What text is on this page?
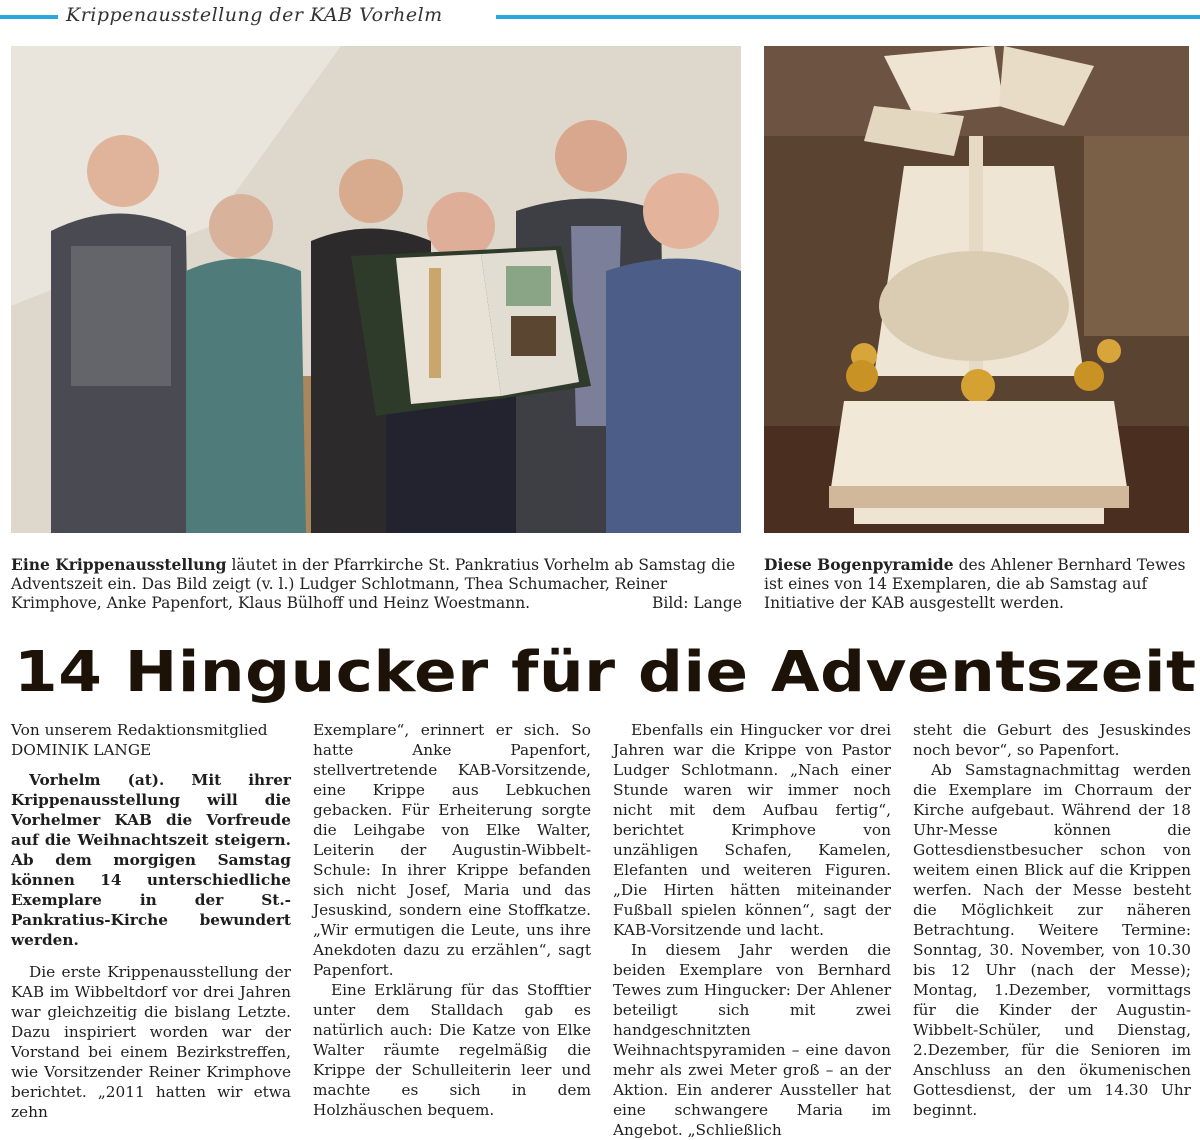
Krippenausstellung der KAB Vorhelm
Eine Krippenausstellung läutet in der Pfarrkirche St. Pankratius Vorhelm ab Samstag die Adventszeit ein. Das Bild zeigt (v. l.) Ludger Schlotmann, Thea Schumacher, Reiner Krimphove, Anke Papenfort, Klaus Bülhoff und Heinz Woestmann.	Bild: Lange
Diese Bogenpyramide des Ahlener Bernhard Tewes ist eines von 14 Exemplaren, die ab Samstag auf Initiative der KAB ausgestellt werden.
14 Hingucker für die Adventszeit

Von unserem Redaktionsmitglied

DOMINIK LANGE

Vorhelm (at). Mit ihrer Krippenausstellung will die Vorhelmer KAB die Vorfreude auf die Weihnachtszeit steigern. Ab dem morgigen Samstag können 14 unterschiedliche Exemplare in der St.-Pankratius-Kirche bewundert werden.

Die erste Krippenausstellung der KAB im Wibbeltdorf vor drei Jahren war gleichzeitig die bislang Letzte. Dazu inspiriert worden war der Vorstand bei einem Bezirkstreffen, wie Vorsitzender Reiner Krimphove berichtet. „2011 hatten wir etwa zehn

Exemplare“, erinnert er sich. So hatte Anke Papenfort, stellvertretende KAB-Vorsitzende, eine Krippe aus Lebkuchen gebacken. Für Erheiterung sorgte die Leihgabe von Elke Walter, Leiterin der Augustin-Wibbelt-Schule: In ihrer Krippe befanden sich nicht Josef, Maria und das Jesuskind, sondern eine Stoffkatze. „Wir ermutigen die Leute, uns ihre Anekdoten dazu zu erzählen“, sagt Papenfort.

Eine Erklärung für das Stofftier unter dem Stalldach gab es natürlich auch: Die Katze von Elke Walter räumte regelmäßig die Krippe der Schulleiterin leer und machte es sich in dem Holzhäuschen bequem.

Ebenfalls ein Hingucker vor drei Jahren war die Krippe von Pastor Ludger Schlotmann. „Nach einer Stunde waren wir immer noch nicht mit dem Aufbau fertig“, berichtet Krimphove von unzähligen Schafen, Kamelen, Elefanten und weiteren Figuren. „Die Hirten hätten miteinander Fußball spielen können“, sagt der KAB-Vorsitzende und lacht.

In diesem Jahr werden die beiden Exemplare von Bernhard Tewes zum Hingucker: Der Ahlener beteiligt sich mit zwei handgeschnitzten Weihnachtspyramiden – eine davon mehr als zwei Meter groß – an der Aktion. Ein anderer Aussteller hat eine schwangere Maria im Angebot. „Schließlich

steht die Geburt des Jesuskindes noch bevor“, so Papenfort.

Ab Samstagnachmittag werden die Exemplare im Chorraum der Kirche aufgebaut. Während der 18 Uhr-Messe können die Gottesdienstbesucher schon von weitem einen Blick auf die Krippen werfen. Nach der Messe besteht die Möglichkeit zur näheren Betrachtung. Weitere Termine: Sonntag, 30. November, von 10.30 bis 12 Uhr (nach der Messe); Montag, 1.Dezember, vormittags für die Kinder der Augustin-Wibbelt-Schüler, und Dienstag, 2.Dezember, für die Senioren im Anschluss an den ökumenischen Gottesdienst, der um 14.30 Uhr beginnt.
